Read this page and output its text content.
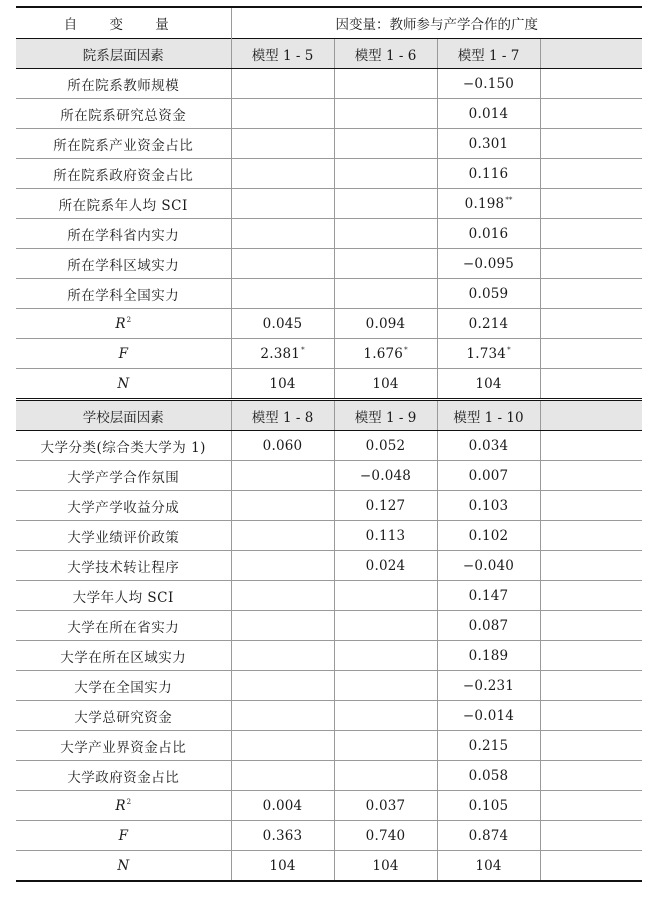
自 变 量	因变量：教师参与产学合作的广度			
院系层面因素	模型 1 - 5	模型 1 - 6	模型 1 - 7	
所在院系教师规模			−0.150	
所在院系研究总资金			0.014	
所在院系产业资金占比			0.301	
所在院系政府资金占比			0.116	
所在院系年人均 SCI			0.198**	
所在学科省内实力			0.016	
所在学科区域实力			−0.095	
所在学科全国实力			0.059	
$R^2$	0.045	0.094	0.214	
F	2.381*	1.676*	1.734*	
N	104	104	104	
学校层面因素	模型 1 - 8	模型 1 - 9	模型 1 - 10	
大学分类(综合类大学为 1)	0.060	0.052	0.034	
大学产学合作氛围		−0.048	0.007	
大学产学收益分成		0.127	0.103	
大学业绩评价政策		0.113	0.102	
大学技术转让程序		0.024	−0.040	
大学年人均 SCI			0.147	
大学在所在省实力			0.087	
大学在所在区域实力			0.189	
大学在全国实力			−0.231	
大学总研究资金			−0.014	
大学产业界资金占比			0.215	
大学政府资金占比			0.058	
$R^2$	0.004	0.037	0.105	
F	0.363	0.740	0.874	
N	104	104	104	
